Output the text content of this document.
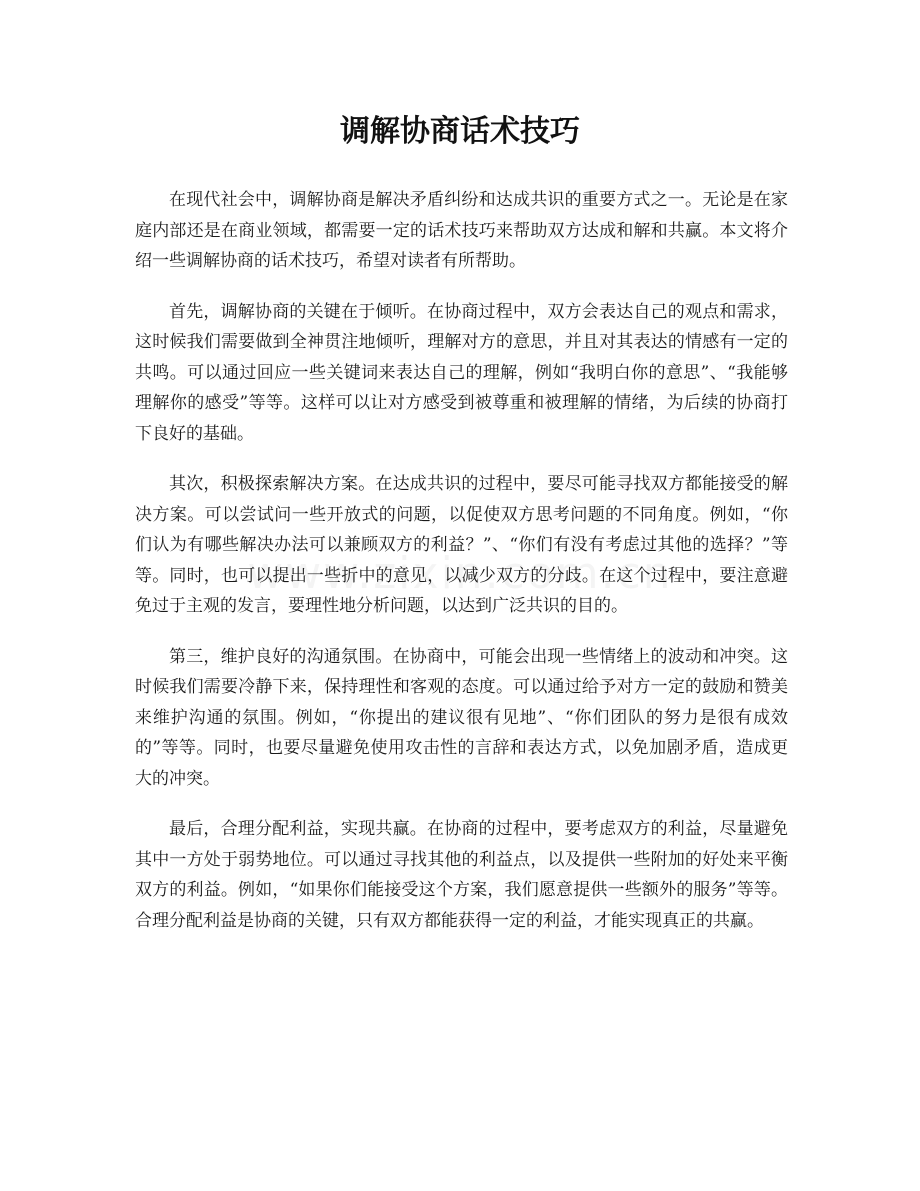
调解协商话术技巧

在现代社会中，调解协商是解决矛盾纠纷和达成共识的重要方式之一。无论是在家庭内部还是在商业领域，都需要一定的话术技巧来帮助双方达成和解和共赢。本文将介绍一些调解协商的话术技巧，希望对读者有所帮助。

首先，调解协商的关键在于倾听。在协商过程中，双方会表达自己的观点和需求，这时候我们需要做到全神贯注地倾听，理解对方的意思，并且对其表达的情感有一定的共鸣。可以通过回应一些关键词来表达自己的理解，例如“我明白你的意思”、“我能够理解你的感受”等等。这样可以让对方感受到被尊重和被理解的情绪，为后续的协商打下良好的基础。

其次，积极探索解决方案。在达成共识的过程中，要尽可能寻找双方都能接受的解决方案。可以尝试问一些开放式的问题，以促使双方思考问题的不同角度。例如，“你们认为有哪些解决办法可以兼顾双方的利益？”、“你们有没有考虑过其他的选择？”等等。同时，也可以提出一些折中的意见，以减少双方的分歧。在这个过程中，要注意避免过于主观的发言，要理性地分析问题，以达到广泛共识的目的。

第三，维护良好的沟通氛围。在协商中，可能会出现一些情绪上的波动和冲突。这时候我们需要冷静下来，保持理性和客观的态度。可以通过给予对方一定的鼓励和赞美来维护沟通的氛围。例如，“你提出的建议很有见地”、“你们团队的努力是很有成效的”等等。同时，也要尽量避免使用攻击性的言辞和表达方式，以免加剧矛盾，造成更大的冲突。

最后，合理分配利益，实现共赢。在协商的过程中，要考虑双方的利益，尽量避免其中一方处于弱势地位。可以通过寻找其他的利益点，以及提供一些附加的好处来平衡双方的利益。例如，“如果你们能接受这个方案，我们愿意提供一些额外的服务”等等。合理分配利益是协商的关键，只有双方都能获得一定的利益，才能实现真正的共赢。
